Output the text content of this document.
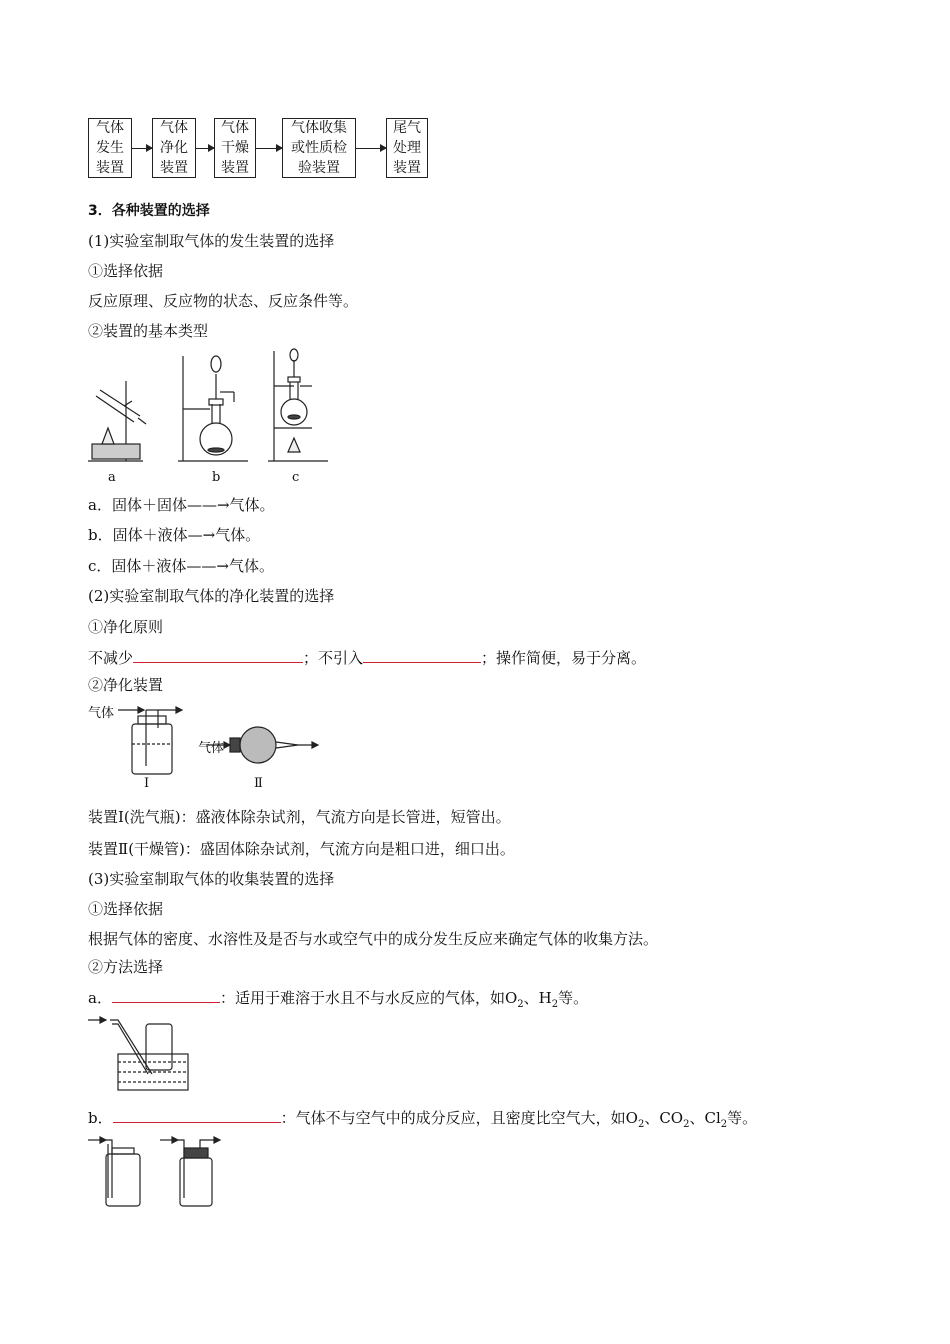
气体
发生
装置
气体
净化
装置
气体
干燥
装置
气体收集
或性质检
验装置
尾气
处理
装置
3．各种装置的选择
(1)实验室制取气体的发生装置的选择
①选择依据
反应原理、反应物的状态、反应条件等。
②装置的基本类型
a	b	c
a．固体＋固体——→气体。
b．固体＋液体—→气体。
c．固体＋液体——→气体。
(2)实验室制取气体的净化装置的选择
①净化原则
不减少	；不引入	；操作简便，易于分离。
②净化装置
气体
气体
Ⅰ	Ⅱ
装置Ⅰ(洗气瓶)：盛液体除杂试剂，气流方向是长管进，短管出。
装置Ⅱ(干燥管)：盛固体除杂试剂，气流方向是粗口进，细口出。
(3)实验室制取气体的收集装置的选择
①选择依据
根据气体的密度、水溶性及是否与水或空气中的成分发生反应来确定气体的收集方法。
②方法选择
a．	：适用于难溶于水且不与水反应的气体，如$O_2$、$H_2$等。
b．	：气体不与空气中的成分反应，且密度比空气大，如$O_2$、$CO_2$、$Cl_2$等。
